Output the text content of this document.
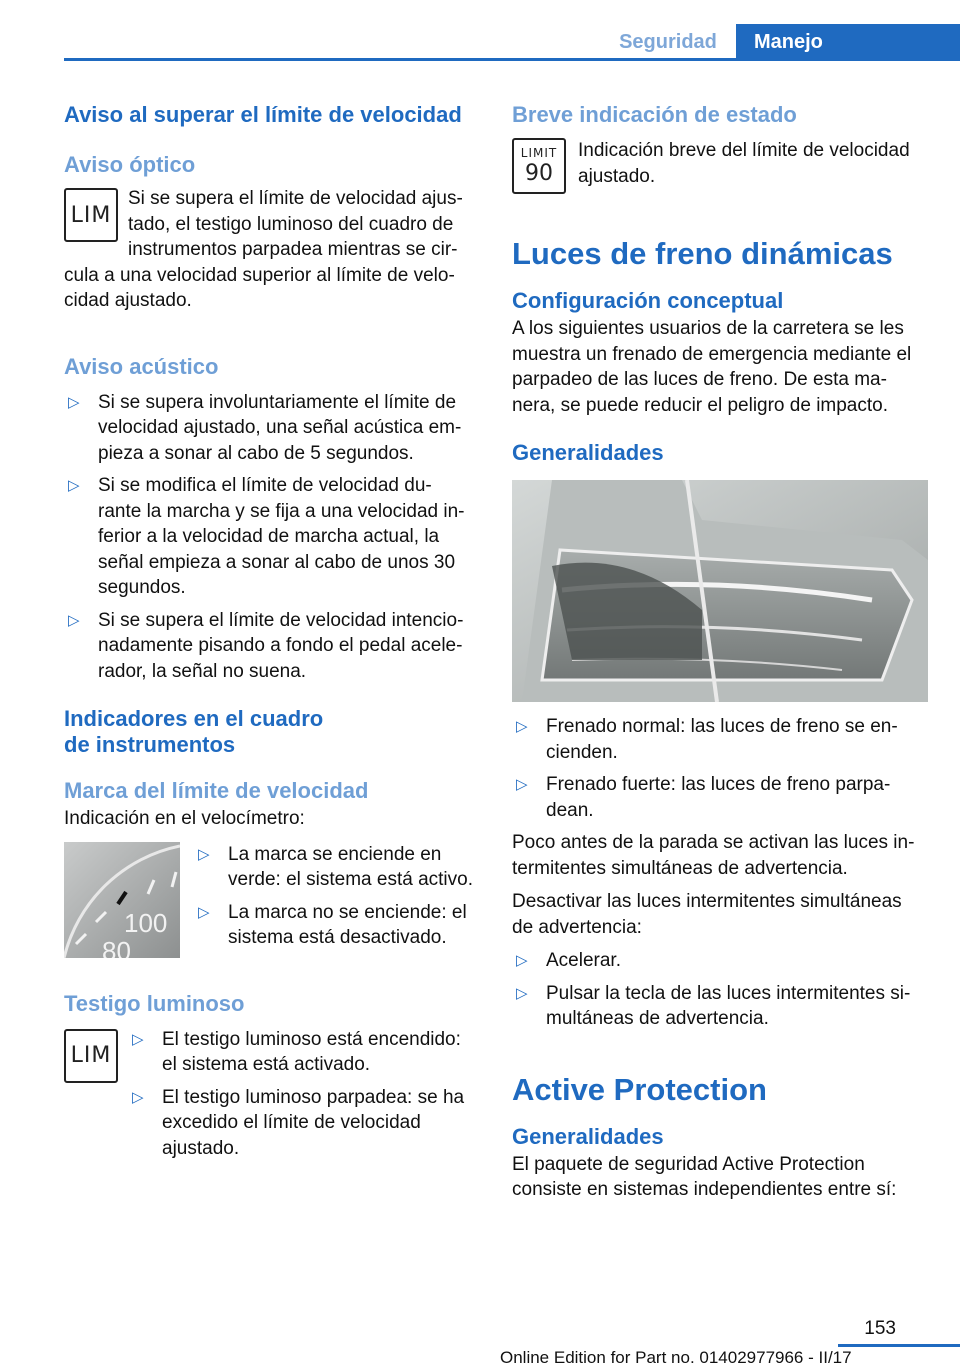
Seguridad	Manejo
Aviso al superar el límite de velocidad
Aviso óptico
LIM

Si se supera el límite de velocidad ajus‐

tado, el testigo luminoso del cuadro de

instrumentos parpadea mientras se cir‐

cula a una velocidad superior al límite de velo‐

cidad ajustado.

Aviso acústico
▷ Si se supera involuntariamente el límite de velocidad ajustado, una señal acústica em‐ pieza a sonar al cabo de 5 segundos.
▷ Si se modifica el límite de velocidad du‐ rante la marcha y se fija a una velocidad in‐ ferior a la velocidad de marcha actual, la señal empieza a sonar al cabo de unos 30 segundos.
▷ Si se supera el límite de velocidad intencio‐ nadamente pisando a fondo el pedal acele‐ rador, la señal no suena.
Indicadores en el cuadro
de instrumentos
Marca del límite de velocidad

Indicación en el velocímetro:

100
80
▷ La marca se enciende en verde: el sistema está activo.
▷ La marca no se enciende: el sistema está desactivado.
Testigo luminoso
LIM
▷ El testigo luminoso está encendido: el sistema está activado.
▷ El testigo luminoso parpadea: se ha excedido el límite de velocidad ajustado.
Breve indicación de estado
LIMIT
90

Indicación breve del límite de velocidad ajustado.

Luces de freno dinámicas
Configuración conceptual

A los siguientes usuarios de la carretera se les muestra un frenado de emergencia mediante el parpadeo de las luces de freno. De esta ma‐ nera, se puede reducir el peligro de impacto.

Generalidades
▷ Frenado normal: las luces de freno se en‐ cienden.
▷ Frenado fuerte: las luces de freno parpa‐ dean.

Poco antes de la parada se activan las luces in‐ termitentes simultáneas de advertencia.

Desactivar las luces intermitentes simultáneas de advertencia:

▷ Acelerar.
▷ Pulsar la tecla de las luces intermitentes si‐ multáneas de advertencia.
Active Protection
Generalidades

El paquete de seguridad Active Protection consiste en sistemas independientes entre sí:

153
Online Edition for Part no. 01402977966 - II/17
